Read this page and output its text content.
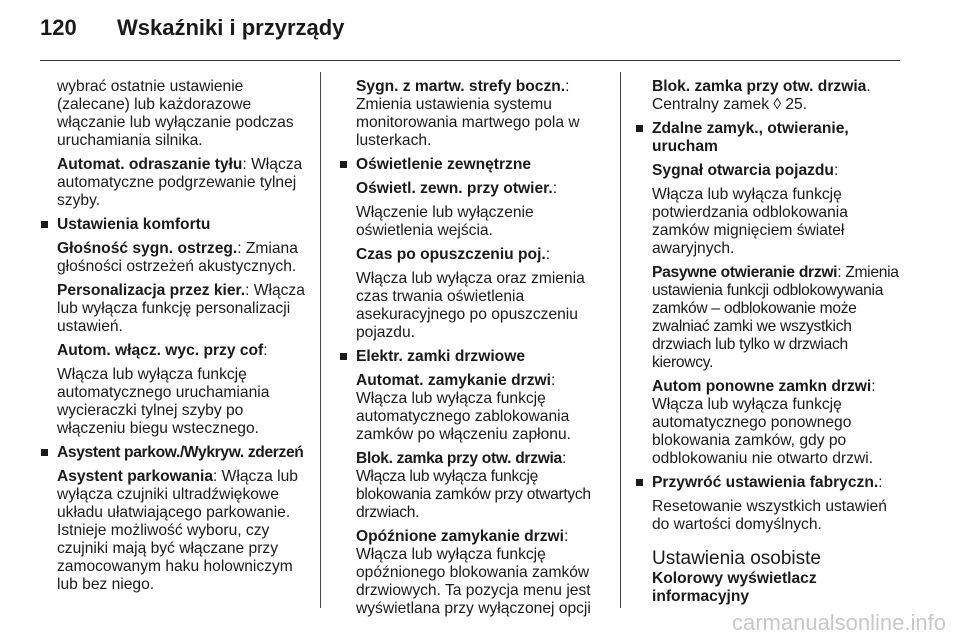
120 Wskaźniki i przyrządy

wybrać ostatnie ustawienie (zalecane) lub każdorazowe włączanie lub wyłączanie podczas uruchamiania silnika.

Automat. odraszanie tyłu: Włącza automatyczne podgrzewanie tylnej szyby.

Ustawienia komfortu

Głośność sygn. ostrzeg.: Zmiana głośności ostrzeżeń akustycznych.

Personalizacja przez kier.: Włącza lub wyłącza funkcję personalizacji ustawień.

Autom. włącz. wyc. przy cof:

Włącza lub wyłącza funkcję automatycznego uruchamiania wycieraczki tylnej szyby po włączeniu biegu wstecznego.

Asystent parkow./Wykryw. zderzeń

Asystent parkowania: Włącza lub wyłącza czujniki ultradźwiękowe układu ułatwiającego parkowanie. Istnieje możliwość wyboru, czy czujniki mają być włączane przy zamocowanym haku holowniczym lub bez niego.

Sygn. z martw. strefy boczn.: Zmienia ustawienia systemu monitorowania martwego pola w lusterkach.

Oświetlenie zewnętrzne

Oświetl. zewn. przy otwier.:

Włączenie lub wyłączenie oświetlenia wejścia.

Czas po opuszczeniu poj.:

Włącza lub wyłącza oraz zmienia czas trwania oświetlenia asekuracyjnego po opuszczeniu pojazdu.

Elektr. zamki drzwiowe

Automat. zamykanie drzwi: Włącza lub wyłącza funkcję automatycznego zablokowania zamków po włączeniu zapłonu.

Blok. zamka przy otw. drzwia: Włącza lub wyłącza funkcję blokowania zamków przy otwartych drzwiach.

Opóźnione zamykanie drzwi: Włącza lub wyłącza funkcję opóźnionego blokowania zamków drzwiowych. Ta pozycja menu jest wyświetlana przy wyłączonej opcji

Blok. zamka przy otw. drzwia. Centralny zamek ◊ 25.

Zdalne zamyk., otwieranie, urucham

Sygnał otwarcia pojazdu:

Włącza lub wyłącza funkcję potwierdzania odblokowania zamków mignięciem świateł awaryjnych.

Pasywne otwieranie drzwi: Zmienia ustawienia funkcji odblokowywania zamków – odblokowanie może zwalniać zamki we wszystkich drzwiach lub tylko w drzwiach kierowcy.

Autom ponowne zamkn drzwi: Włącza lub wyłącza funkcję automatycznego ponownego blokowania zamków, gdy po odblokowaniu nie otwarto drzwi.

Przywróć ustawienia fabryczn.:

Resetowanie wszystkich ustawień do wartości domyślnych.

Ustawienia osobiste

Kolorowy wyświetlacz informacyjny

carmanualsonline.info
